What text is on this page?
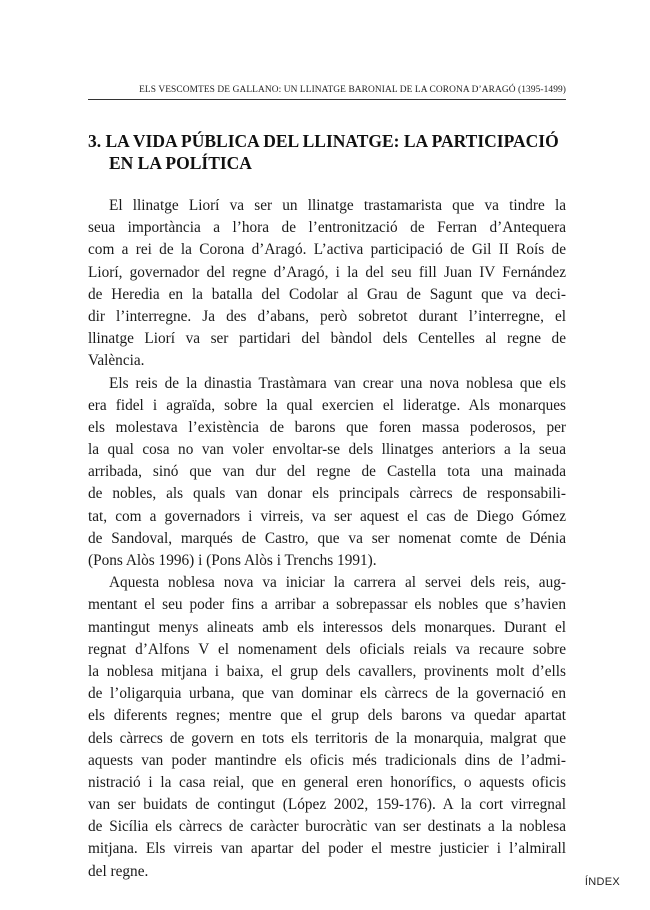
ELS VESCOMTES DE GALLANO: UN LLINATGE BARONIAL DE LA CORONA D’ARAGÓ (1395-1499)
3. LA VIDA PÚBLICA DEL LLINATGE: LA PARTICIPACIÓ
EN LA POLÍTICA
El llinatge Liorí va ser un llinatge trastamarista que va tindre la
seua importància a l’hora de l’entronització de Ferran d’Antequera
com a rei de la Corona d’Aragó. L’activa participació de Gil II Roís de
Liorí, governador del regne d’Aragó, i la del seu fill Juan IV Fernández
de Heredia en la batalla del Codolar al Grau de Sagunt que va deci-
dir l’interregne. Ja des d’abans, però sobretot durant l’interregne, el
llinatge Liorí va ser partidari del bàndol dels Centelles al regne de
València.
Els reis de la dinastia Trastàmara van crear una nova noblesa que els
era fidel i agraïda, sobre la qual exercien el lideratge. Als monarques
els molestava l’existència de barons que foren massa poderosos, per
la qual cosa no van voler envoltar-se dels llinatges anteriors a la seua
arribada, sinó que van dur del regne de Castella tota una mainada
de nobles, als quals van donar els principals càrrecs de responsabili-
tat, com a governadors i virreis, va ser aquest el cas de Diego Gómez
de Sandoval, marqués de Castro, que va ser nomenat comte de Dénia
(Pons Alòs 1996) i (Pons Alòs i Trenchs 1991).
Aquesta noblesa nova va iniciar la carrera al servei dels reis, aug-
mentant el seu poder fins a arribar a sobrepassar els nobles que s’havien
mantingut menys alineats amb els interessos dels monarques. Durant el
regnat d’Alfons V el nomenament dels oficials reials va recaure sobre
la noblesa mitjana i baixa, el grup dels cavallers, provinents molt d’ells
de l’oligarquia urbana, que van dominar els càrrecs de la governació en
els diferents regnes; mentre que el grup dels barons va quedar apartat
dels càrrecs de govern en tots els territoris de la monarquia, malgrat que
aquests van poder mantindre els oficis més tradicionals dins de l’admi-
nistració i la casa reial, que en general eren honorífics, o aquests oficis
van ser buidats de contingut (López 2002, 159-176). A la cort virregnal
de Sicília els càrrecs de caràcter burocràtic van ser destinats a la noblesa
mitjana. Els virreis van apartar del poder el mestre justicier i l’almirall
del regne.
ÍNDEX
